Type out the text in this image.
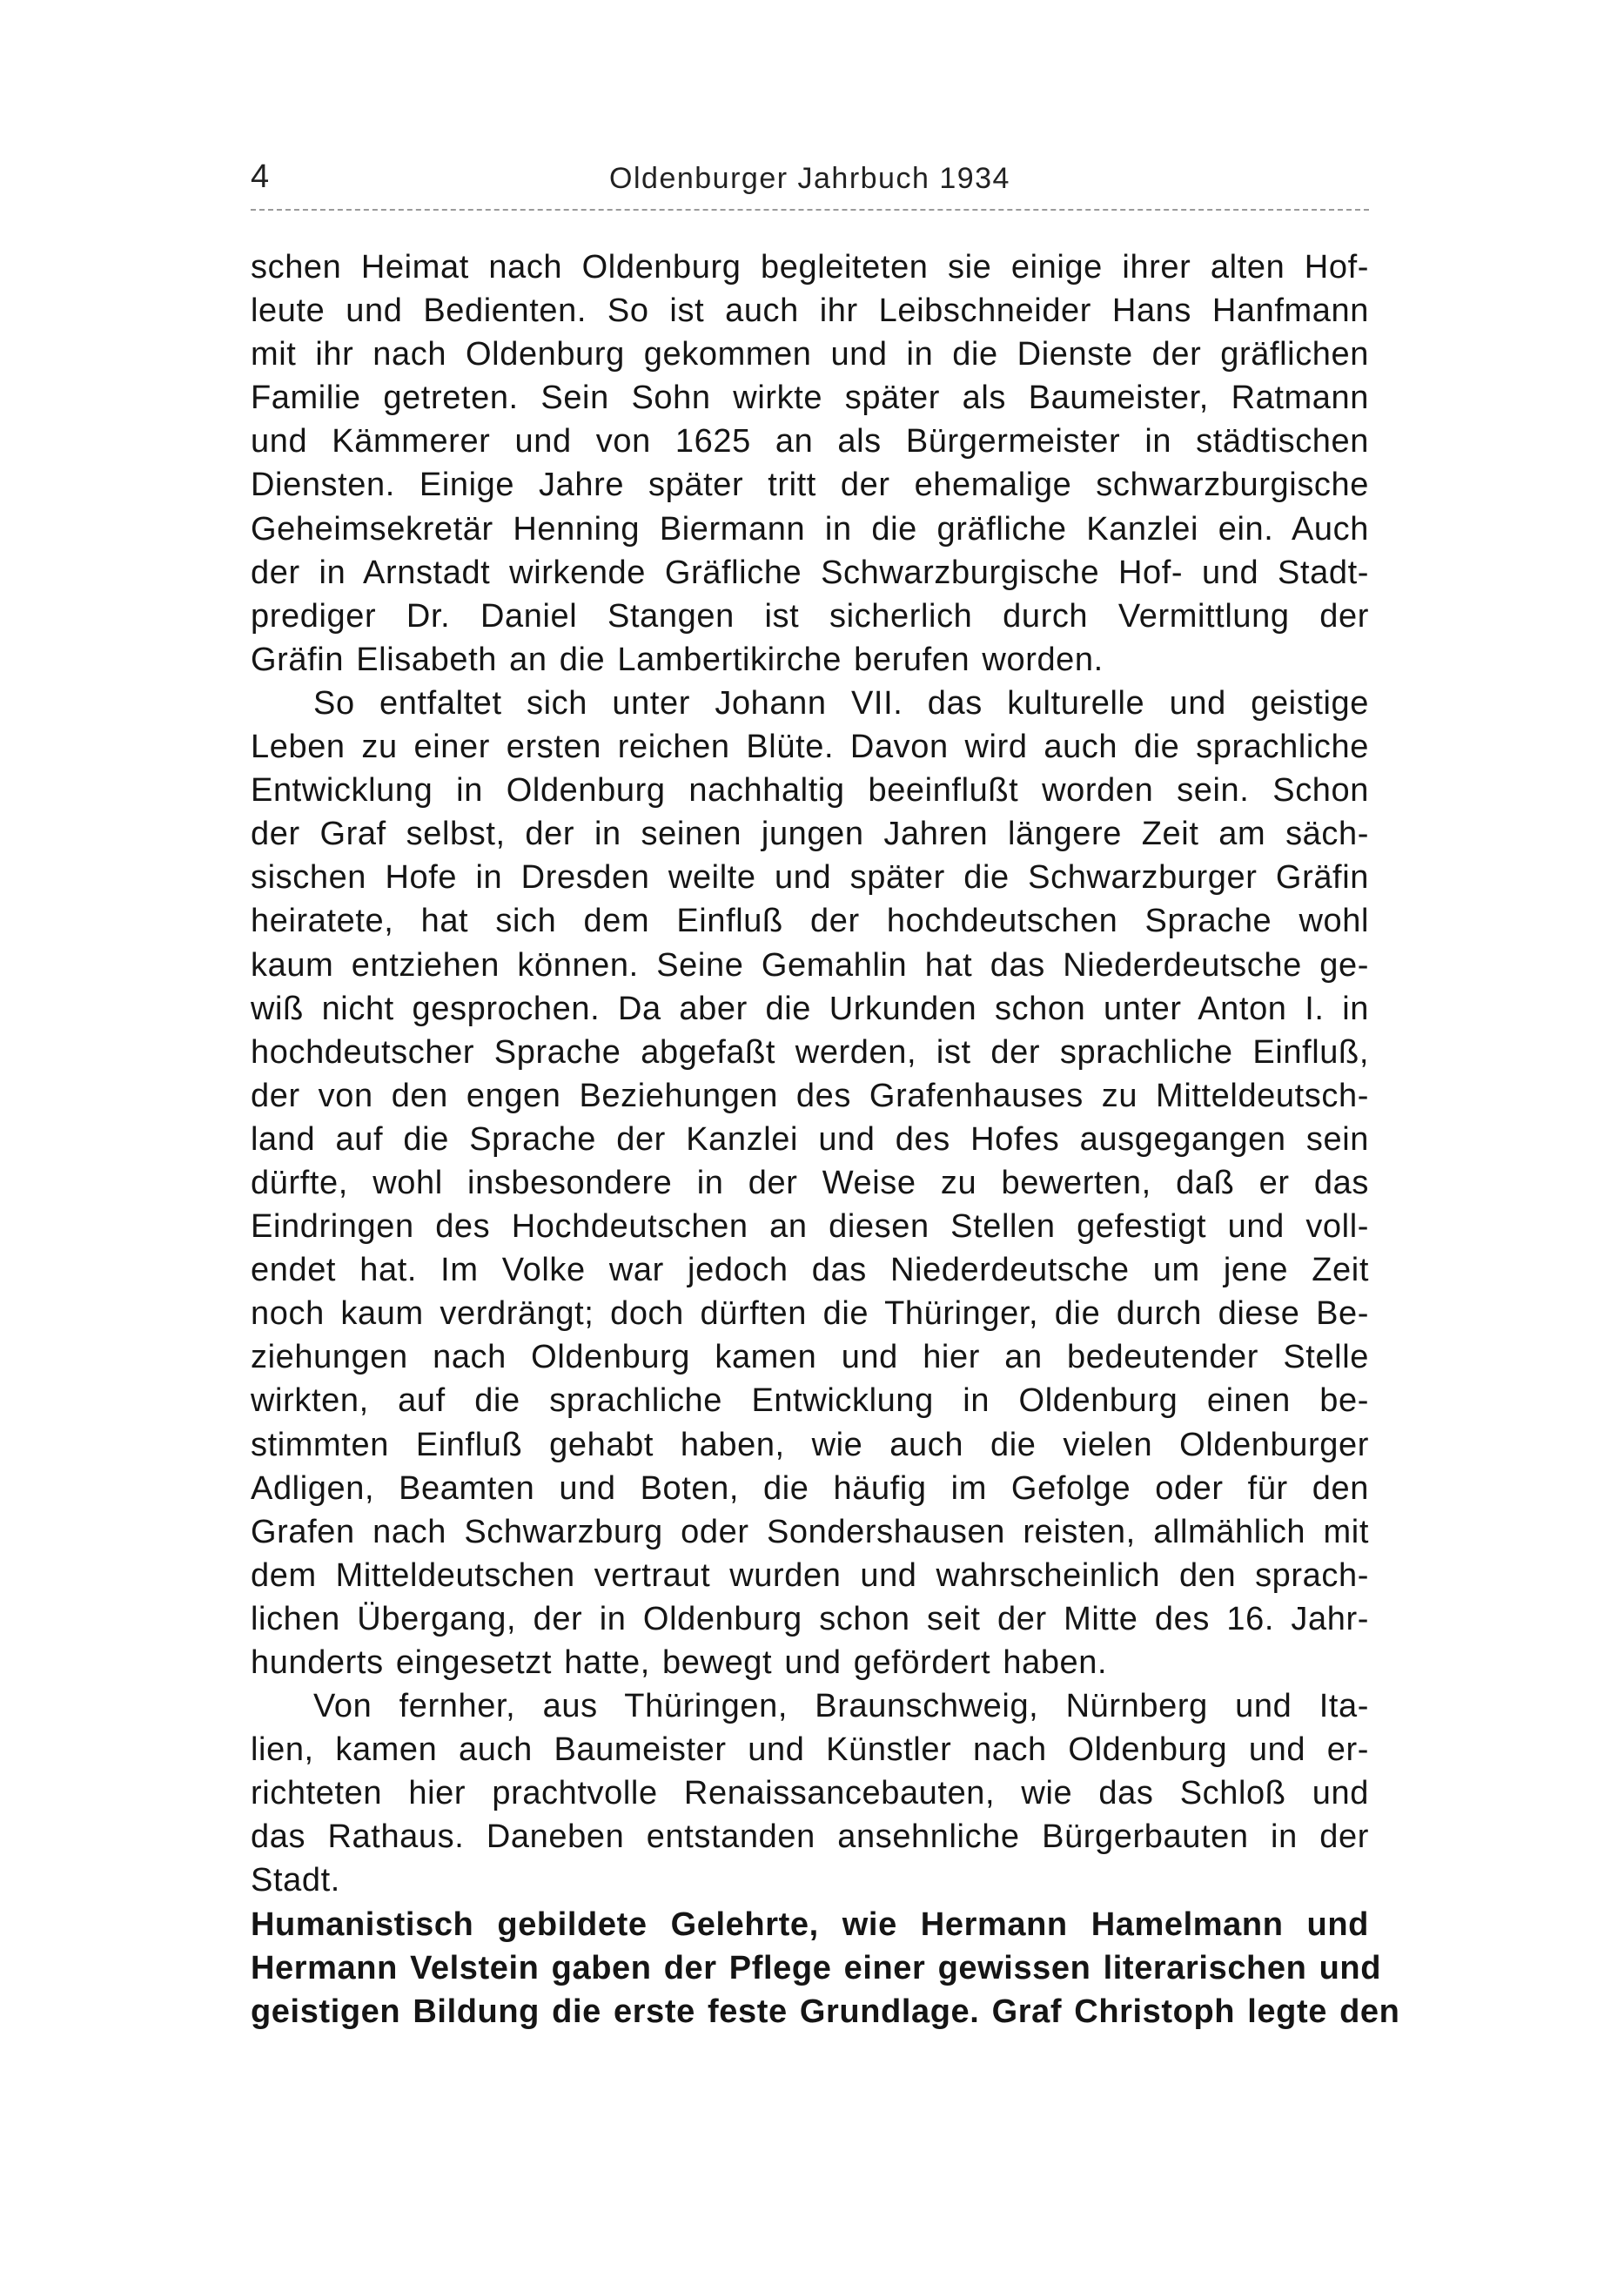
4	Oldenburger Jahrbuch 1934
schen Heimat nach Oldenburg begleiteten sie einige ihrer alten Hof-
leute und Bedienten. So ist auch ihr Leibschneider Hans Hanfmann
mit ihr nach Oldenburg gekommen und in die Dienste der gräflichen
Familie getreten. Sein Sohn wirkte später als Baumeister, Ratmann
und Kämmerer und von 1625 an als Bürgermeister in städtischen
Diensten. Einige Jahre später tritt der ehemalige schwarzburgische
Geheimsekretär Henning Biermann in die gräfliche Kanzlei ein. Auch
der in Arnstadt wirkende Gräfliche Schwarzburgische Hof- und Stadt-
prediger Dr. Daniel Stangen ist sicherlich durch Vermittlung der
Gräfin Elisabeth an die Lambertikirche berufen worden.
So entfaltet sich unter Johann VII. das kulturelle und geistige
Leben zu einer ersten reichen Blüte. Davon wird auch die sprachliche
Entwicklung in Oldenburg nachhaltig beeinflußt worden sein. Schon
der Graf selbst, der in seinen jungen Jahren längere Zeit am säch-
sischen Hofe in Dresden weilte und später die Schwarzburger Gräfin
heiratete, hat sich dem Einfluß der hochdeutschen Sprache wohl
kaum entziehen können. Seine Gemahlin hat das Niederdeutsche ge-
wiß nicht gesprochen. Da aber die Urkunden schon unter Anton I. in
hochdeutscher Sprache abgefaßt werden, ist der sprachliche Einfluß,
der von den engen Beziehungen des Grafenhauses zu Mitteldeutsch-
land auf die Sprache der Kanzlei und des Hofes ausgegangen sein
dürfte, wohl insbesondere in der Weise zu bewerten, daß er das
Eindringen des Hochdeutschen an diesen Stellen gefestigt und voll-
endet hat. Im Volke war jedoch das Niederdeutsche um jene Zeit
noch kaum verdrängt; doch dürften die Thüringer, die durch diese Be-
ziehungen nach Oldenburg kamen und hier an bedeutender Stelle
wirkten, auf die sprachliche Entwicklung in Oldenburg einen be-
stimmten Einfluß gehabt haben, wie auch die vielen Oldenburger
Adligen, Beamten und Boten, die häufig im Gefolge oder für den
Grafen nach Schwarzburg oder Sondershausen reisten, allmählich mit
dem Mitteldeutschen vertraut wurden und wahrscheinlich den sprach-
lichen Übergang, der in Oldenburg schon seit der Mitte des 16. Jahr-
hunderts eingesetzt hatte, bewegt und gefördert haben.
Von fernher, aus Thüringen, Braunschweig, Nürnberg und Ita-
lien, kamen auch Baumeister und Künstler nach Oldenburg und er-
richteten hier prachtvolle Renaissancebauten, wie das Schloß und
das Rathaus. Daneben entstanden ansehnliche Bürgerbauten in der
Stadt.
Humanistisch gebildete Gelehrte, wie Hermann Hamelmann und
Hermann Velstein gaben der Pflege einer gewissen literarischen und
geistigen Bildung die erste feste Grundlage. Graf Christoph legte den
